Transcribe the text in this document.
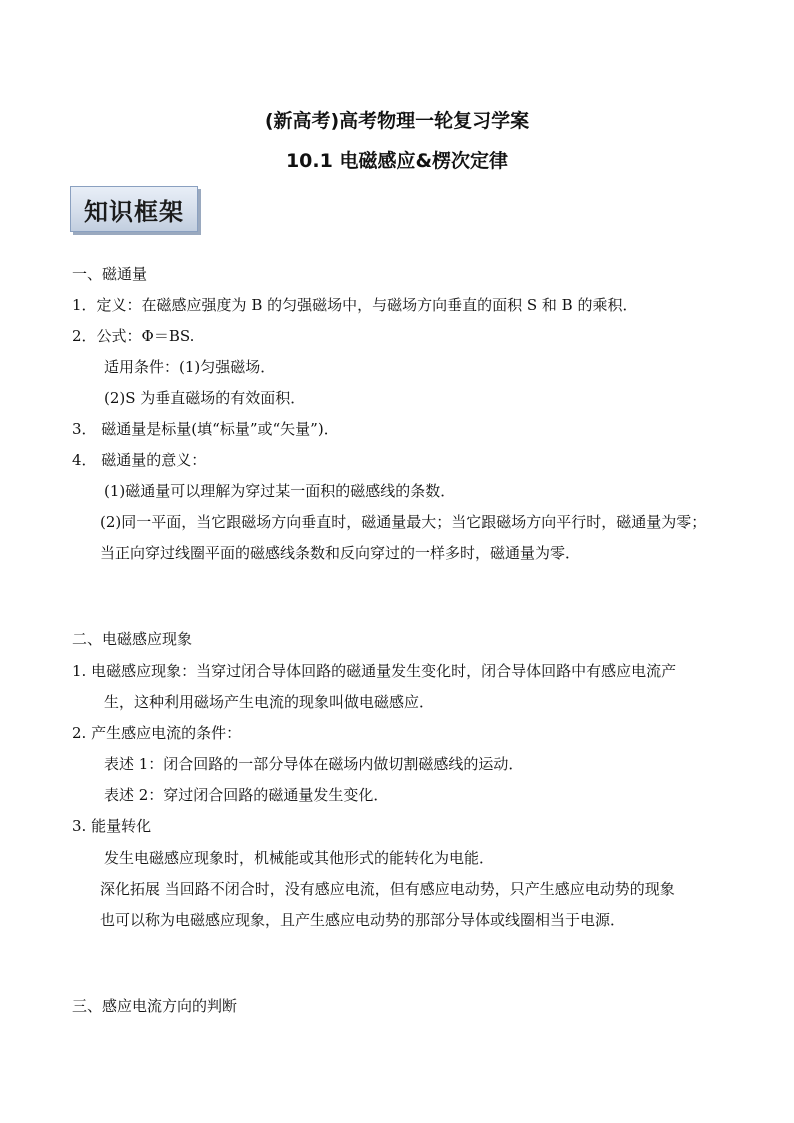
(新高考)高考物理一轮复习学案
10.1 电磁感应&楞次定律
知识框架
一、磁通量
1．定义：在磁感应强度为 B 的匀强磁场中，与磁场方向垂直的面积 S 和 B 的乘积．
2．公式：Φ＝BS.
适用条件：(1)匀强磁场．
(2)S 为垂直磁场的有效面积．
3． 磁通量是标量(填“标量”或“矢量”)．
4． 磁通量的意义：
(1)磁通量可以理解为穿过某一面积的磁感线的条数．
(2)同一平面，当它跟磁场方向垂直时，磁通量最大；当它跟磁场方向平行时，磁通量为零；
当正向穿过线圈平面的磁感线条数和反向穿过的一样多时，磁通量为零．
二、电磁感应现象
1. 电磁感应现象：当穿过闭合导体回路的磁通量发生变化时，闭合导体回路中有感应电流产
生，这种利用磁场产生电流的现象叫做电磁感应．
2. 产生感应电流的条件：
表述 1：闭合回路的一部分导体在磁场内做切割磁感线的运动．
表述 2：穿过闭合回路的磁通量发生变化．
3. 能量转化
发生电磁感应现象时，机械能或其他形式的能转化为电能．
深化拓展 当回路不闭合时，没有感应电流，但有感应电动势，只产生感应电动势的现象
也可以称为电磁感应现象，且产生感应电动势的那部分导体或线圈相当于电源．
三、感应电流方向的判断
